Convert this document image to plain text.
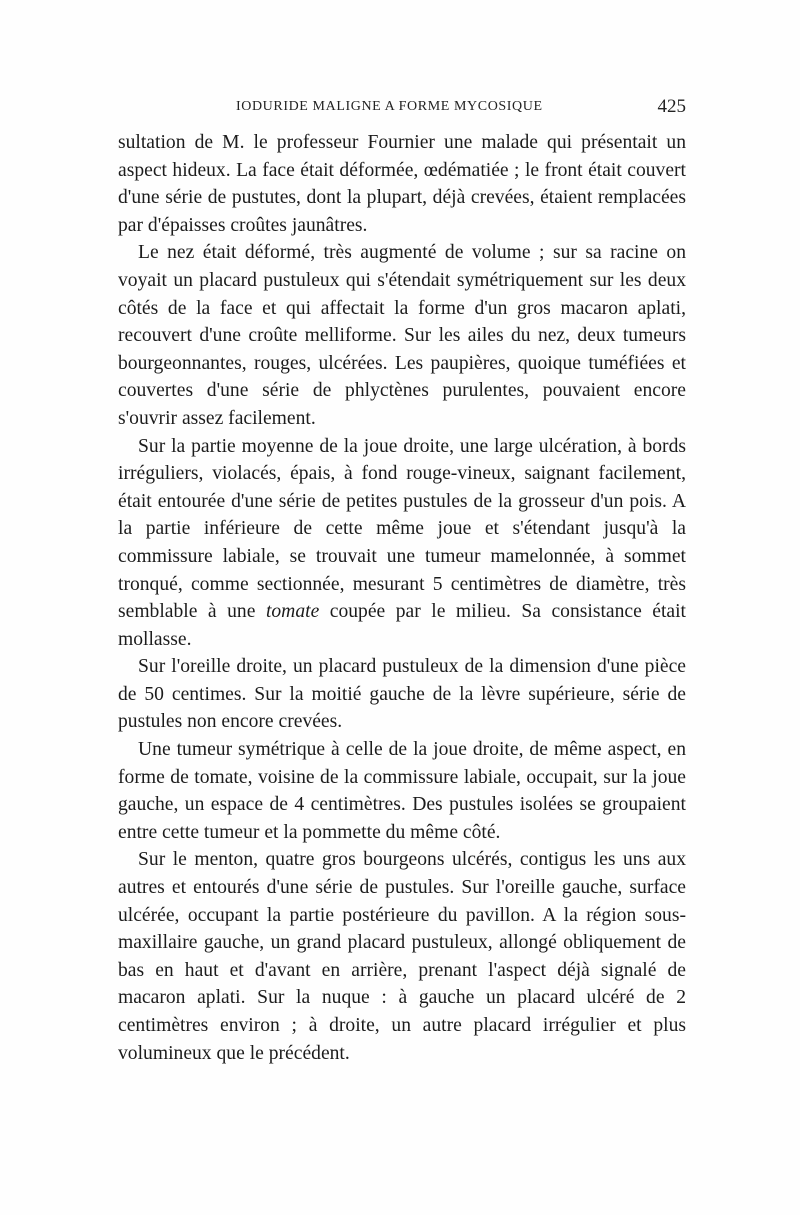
IODURIDE MALIGNE A FORME MYCOSIQUE	425

sultation de M. le professeur Fournier une malade qui présentait un aspect hideux. La face était déformée, œdématiée ; le front était couvert d'une série de pustutes, dont la plupart, déjà crevées, étaient remplacées par d'épaisses croûtes jaunâtres.

Le nez était déformé, très augmenté de volume ; sur sa racine on voyait un placard pustuleux qui s'étendait symétriquement sur les deux côtés de la face et qui affectait la forme d'un gros macaron aplati, recouvert d'une croûte melliforme. Sur les ailes du nez, deux tumeurs bourgeonnantes, rouges, ulcérées. Les paupières, quoique tuméfiées et couvertes d'une série de phlyctènes purulentes, pouvaient encore s'ouvrir assez facilement.

Sur la partie moyenne de la joue droite, une large ulcération, à bords irréguliers, violacés, épais, à fond rouge-vineux, saignant facilement, était entourée d'une série de petites pustules de la grosseur d'un pois. A la partie inférieure de cette même joue et s'étendant jusqu'à la commissure labiale, se trouvait une tumeur mamelonnée, à sommet tronqué, comme sectionnée, mesurant 5 centimètres de diamètre, très semblable à une tomate coupée par le milieu. Sa consistance était mollasse.

Sur l'oreille droite, un placard pustuleux de la dimension d'une pièce de 50 centimes. Sur la moitié gauche de la lèvre supérieure, série de pustules non encore crevées.

Une tumeur symétrique à celle de la joue droite, de même aspect, en forme de tomate, voisine de la commissure labiale, occupait, sur la joue gauche, un espace de 4 centimètres. Des pustules isolées se groupaient entre cette tumeur et la pommette du même côté.

Sur le menton, quatre gros bourgeons ulcérés, contigus les uns aux autres et entourés d'une série de pustules. Sur l'oreille gauche, surface ulcérée, occupant la partie postérieure du pavillon. A la région sous-maxillaire gauche, un grand placard pustuleux, allongé obliquement de bas en haut et d'avant en arrière, prenant l'aspect déjà signalé de macaron aplati. Sur la nuque : à gauche un placard ulcéré de 2 centimètres environ ; à droite, un autre placard irrégulier et plus volumineux que le précédent.
